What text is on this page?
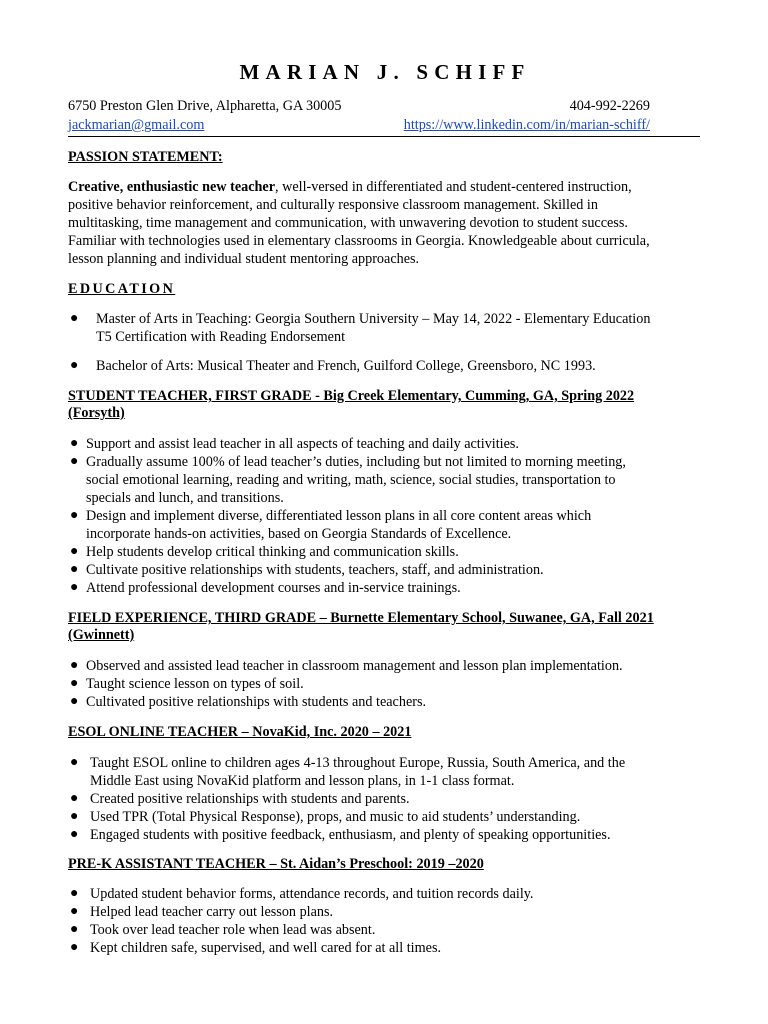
MARIAN J. SCHIFF
6750 Preston Glen Drive, Alpharetta, GA 30005	404-992-2269
jackmarian@gmail.com	https://www.linkedin.com/in/marian-schiff/
PASSION STATEMENT:
Creative, enthusiastic new teacher, well-versed in differentiated and student-centered instruction,
positive behavior reinforcement, and culturally responsive classroom management. Skilled in
multitasking, time management and communication, with unwavering devotion to student success.
Familiar with technologies used in elementary classrooms in Georgia. Knowledgeable about curricula,
lesson planning and individual student mentoring approaches.
EDUCATION
● Master of Arts in Teaching: Georgia Southern University – May 14, 2022 - Elementary Education
T5 Certification with Reading Endorsement
● Bachelor of Arts: Musical Theater and French, Guilford College, Greensboro, NC 1993.
STUDENT TEACHER, FIRST GRADE - Big Creek Elementary, Cumming, GA, Spring 2022
(Forsyth)
● Support and assist lead teacher in all aspects of teaching and daily activities.
● Gradually assume 100% of lead teacher’s duties, including but not limited to morning meeting,
social emotional learning, reading and writing, math, science, social studies, transportation to
specials and lunch, and transitions.
● Design and implement diverse, differentiated lesson plans in all core content areas which
incorporate hands-on activities, based on Georgia Standards of Excellence.
● Help students develop critical thinking and communication skills.
● Cultivate positive relationships with students, teachers, staff, and administration.
● Attend professional development courses and in-service trainings.
FIELD EXPERIENCE, THIRD GRADE – Burnette Elementary School, Suwanee, GA, Fall 2021
(Gwinnett)
● Observed and assisted lead teacher in classroom management and lesson plan implementation.
● Taught science lesson on types of soil.
● Cultivated positive relationships with students and teachers.
ESOL ONLINE TEACHER – NovaKid, Inc. 2020 – 2021
● Taught ESOL online to children ages 4-13 throughout Europe, Russia, South America, and the
Middle East using NovaKid platform and lesson plans, in 1-1 class format.
● Created positive relationships with students and parents.
● Used TPR (Total Physical Response), props, and music to aid students’ understanding.
● Engaged students with positive feedback, enthusiasm, and plenty of speaking opportunities.
PRE-K ASSISTANT TEACHER – St. Aidan’s Preschool: 2019 –2020
● Updated student behavior forms, attendance records, and tuition records daily.
● Helped lead teacher carry out lesson plans.
● Took over lead teacher role when lead was absent.
● Kept children safe, supervised, and well cared for at all times.
